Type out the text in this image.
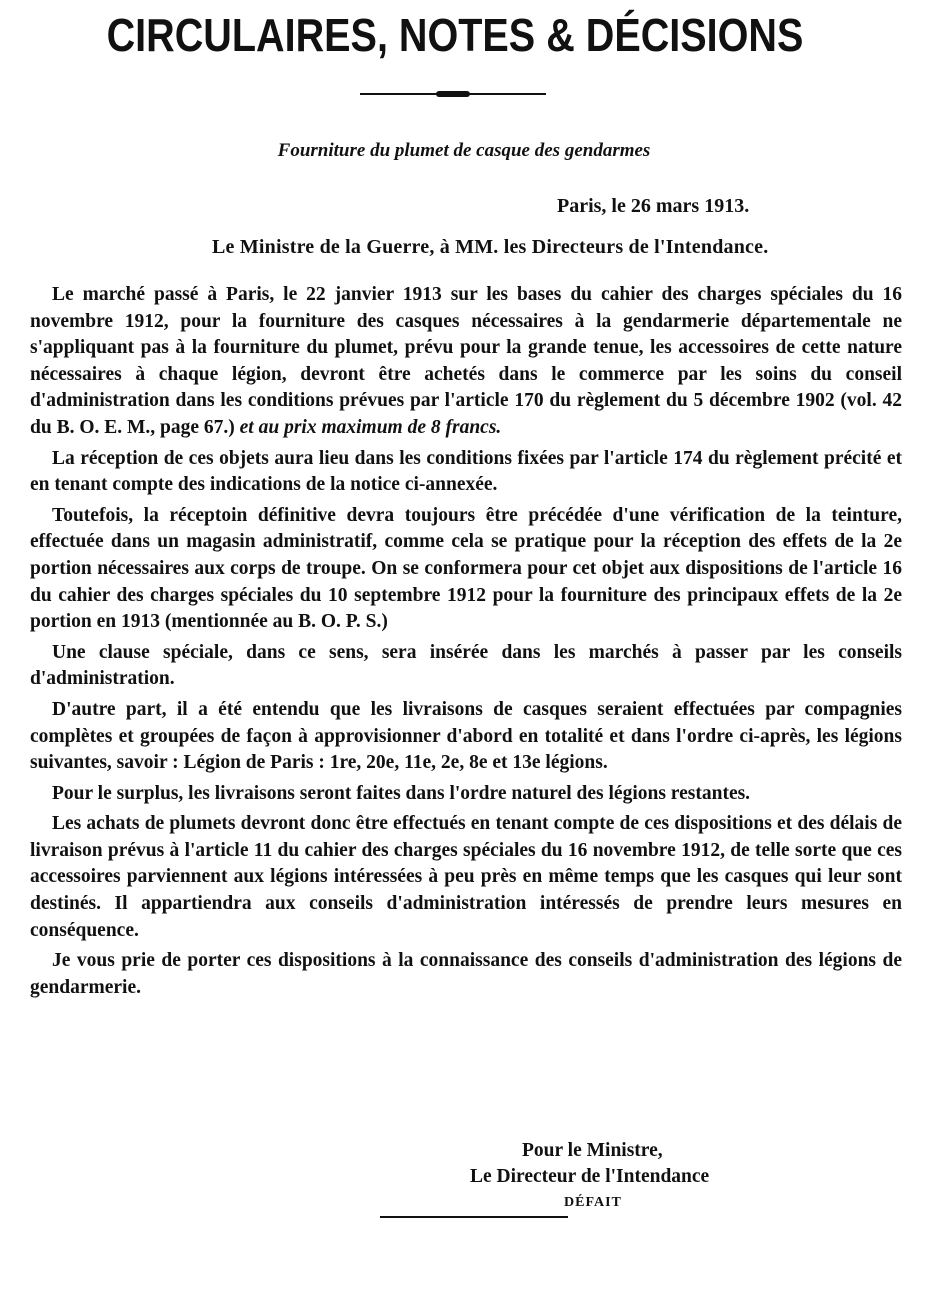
CIRCULAIRES, NOTES & DÉCISIONS
Fourniture du plumet de casque des gendarmes
Paris, le 26 mars 1913.
Le Ministre de la Guerre, à MM. les Directeurs de l'Intendance.

Le marché passé à Paris, le 22 janvier 1913 sur les bases du cahier des charges spéciales du 16 novembre 1912, pour la fourniture des casques nécessaires à la gendarmerie départementale ne s'appliquant pas à la fourniture du plumet, prévu pour la grande tenue, les accessoires de cette nature nécessaires à chaque légion, devront être achetés dans le commerce par les soins du conseil d'administration dans les conditions prévues par l'article 170 du règlement du 5 décembre 1902 (vol. 42 du B. O. E. M., page 67.) et au prix maximum de 8 francs.

La réception de ces objets aura lieu dans les conditions fixées par l'article 174 du règlement précité et en tenant compte des indications de la notice ci-annexée.

Toutefois, la réceptoin définitive devra toujours être précédée d'une vérification de la teinture, effectuée dans un magasin administratif, comme cela se pratique pour la réception des effets de la 2e portion nécessaires aux corps de troupe. On se conformera pour cet objet aux dispositions de l'article 16 du cahier des charges spéciales du 10 septembre 1912 pour la fourniture des principaux effets de la 2e portion en 1913 (mentionnée au B. O. P. S.)

Une clause spéciale, dans ce sens, sera insérée dans les marchés à passer par les conseils d'administration.

D'autre part, il a été entendu que les livraisons de casques seraient effectuées par compagnies complètes et groupées de façon à approvisionner d'abord en totalité et dans l'ordre ci-après, les légions suivantes, savoir : Légion de Paris : 1re, 20e, 11e, 2e, 8e et 13e légions.

Pour le surplus, les livraisons seront faites dans l'ordre naturel des légions restantes.

Les achats de plumets devront donc être effectués en tenant compte de ces dispositions et des délais de livraison prévus à l'article 11 du cahier des charges spéciales du 16 novembre 1912, de telle sorte que ces accessoires parviennent aux légions intéressées à peu près en même temps que les casques qui leur sont destinés. Il appartiendra aux conseils d'administration intéressés de prendre leurs mesures en conséquence.

Je vous prie de porter ces dispositions à la connaissance des conseils d'administration des légions de gendarmerie.

Pour le Ministre,
Le Directeur de l'Intendance
DÉFAIT
